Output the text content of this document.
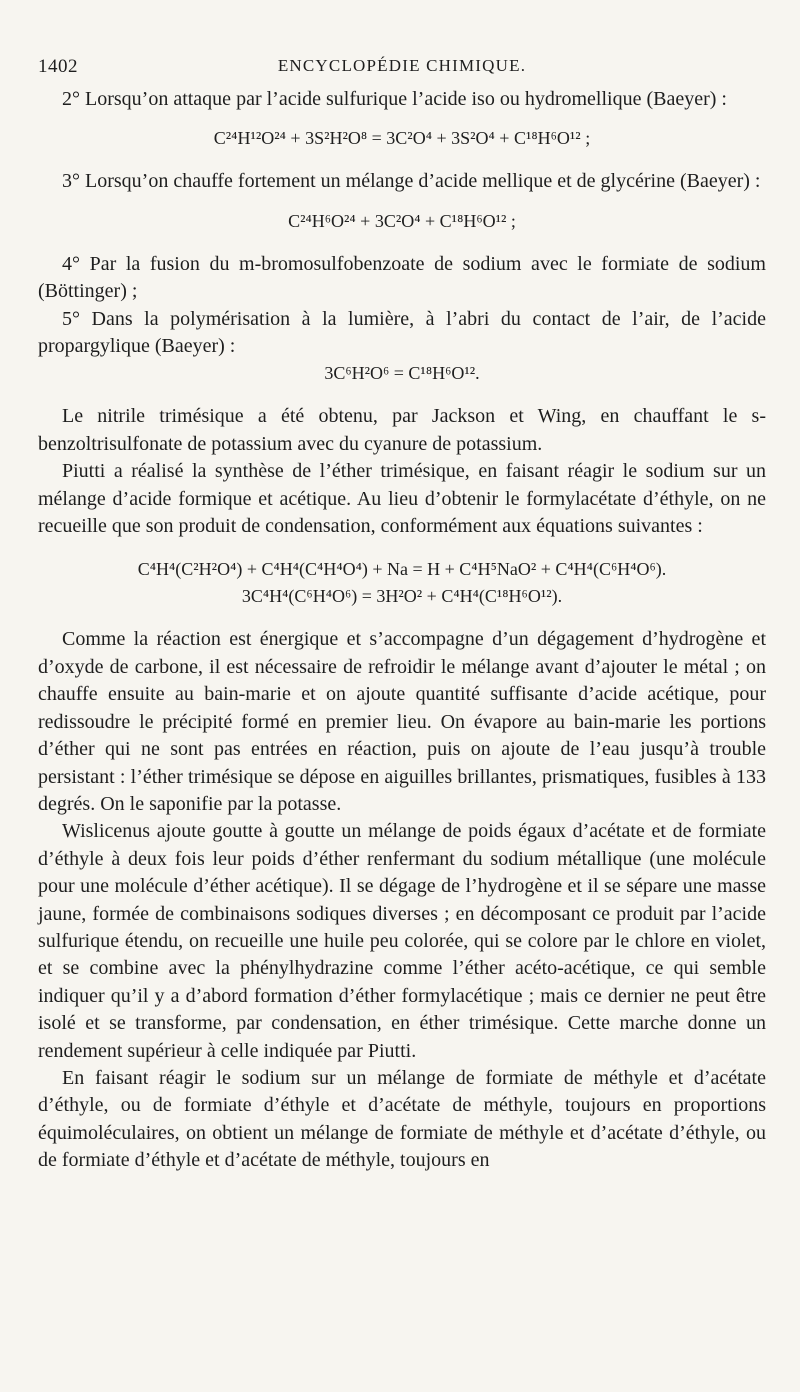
1402	ENCYCLOPÉDIE CHIMIQUE.

2° Lorsqu’on attaque par l’acide sulfurique l’acide iso ou hydromellique (Baeyer) :

C²⁴H¹²O²⁴ + 3S²H²O⁸ = 3C²O⁴ + 3S²O⁴ + C¹⁸H⁶O¹² ;

3° Lorsqu’on chauffe fortement un mélange d’acide mellique et de glycérine (Baeyer) :

C²⁴H⁶O²⁴ + 3C²O⁴ + C¹⁸H⁶O¹² ;

4° Par la fusion du m-bromosulfobenzoate de sodium avec le formiate de sodium (Böttinger) ;

5° Dans la polymérisation à la lumière, à l’abri du contact de l’air, de l’acide propargylique (Baeyer) :

3C⁶H²O⁶ = C¹⁸H⁶O¹².

Le nitrile trimésique a été obtenu, par Jackson et Wing, en chauffant le s-benzoltrisulfonate de potassium avec du cyanure de potassium.

Piutti a réalisé la synthèse de l’éther trimésique, en faisant réagir le sodium sur un mélange d’acide formique et acétique. Au lieu d’obtenir le formylacétate d’éthyle, on ne recueille que son produit de condensation, conformément aux équations suivantes :

C⁴H⁴(C²H²O⁴) + C⁴H⁴(C⁴H⁴O⁴) + Na = H + C⁴H⁵NaO² + C⁴H⁴(C⁶H⁴O⁶).
3C⁴H⁴(C⁶H⁴O⁶) = 3H²O² + C⁴H⁴(C¹⁸H⁶O¹²).

Comme la réaction est énergique et s’accompagne d’un dégagement d’hydrogène et d’oxyde de carbone, il est nécessaire de refroidir le mélange avant d’ajouter le métal ; on chauffe ensuite au bain-marie et on ajoute quantité suffisante d’acide acétique, pour redissoudre le précipité formé en premier lieu. On évapore au bain-marie les portions d’éther qui ne sont pas entrées en réaction, puis on ajoute de l’eau jusqu’à trouble persistant : l’éther trimésique se dépose en aiguilles brillantes, prismatiques, fusibles à 133 degrés. On le saponifie par la potasse.

Wislicenus ajoute goutte à goutte un mélange de poids égaux d’acétate et de formiate d’éthyle à deux fois leur poids d’éther renfermant du sodium métallique (une molécule pour une molécule d’éther acétique). Il se dégage de l’hydrogène et il se sépare une masse jaune, formée de combinaisons sodiques diverses ; en décomposant ce produit par l’acide sulfurique étendu, on recueille une huile peu colorée, qui se colore par le chlore en violet, et se combine avec la phénylhydrazine comme l’éther acéto-acétique, ce qui semble indiquer qu’il y a d’abord formation d’éther formylacétique ; mais ce dernier ne peut être isolé et se transforme, par condensation, en éther trimésique. Cette marche donne un rendement supérieur à celle indiquée par Piutti.

En faisant réagir le sodium sur un mélange de formiate de méthyle et d’acétate d’éthyle, ou de formiate d’éthyle et d’acétate de méthyle, toujours en proportions équimoléculaires, on obtient un mélange de formiate de méthyle et d’acétate d’éthyle, ou de formiate d’éthyle et d’acétate de méthyle, toujours en
